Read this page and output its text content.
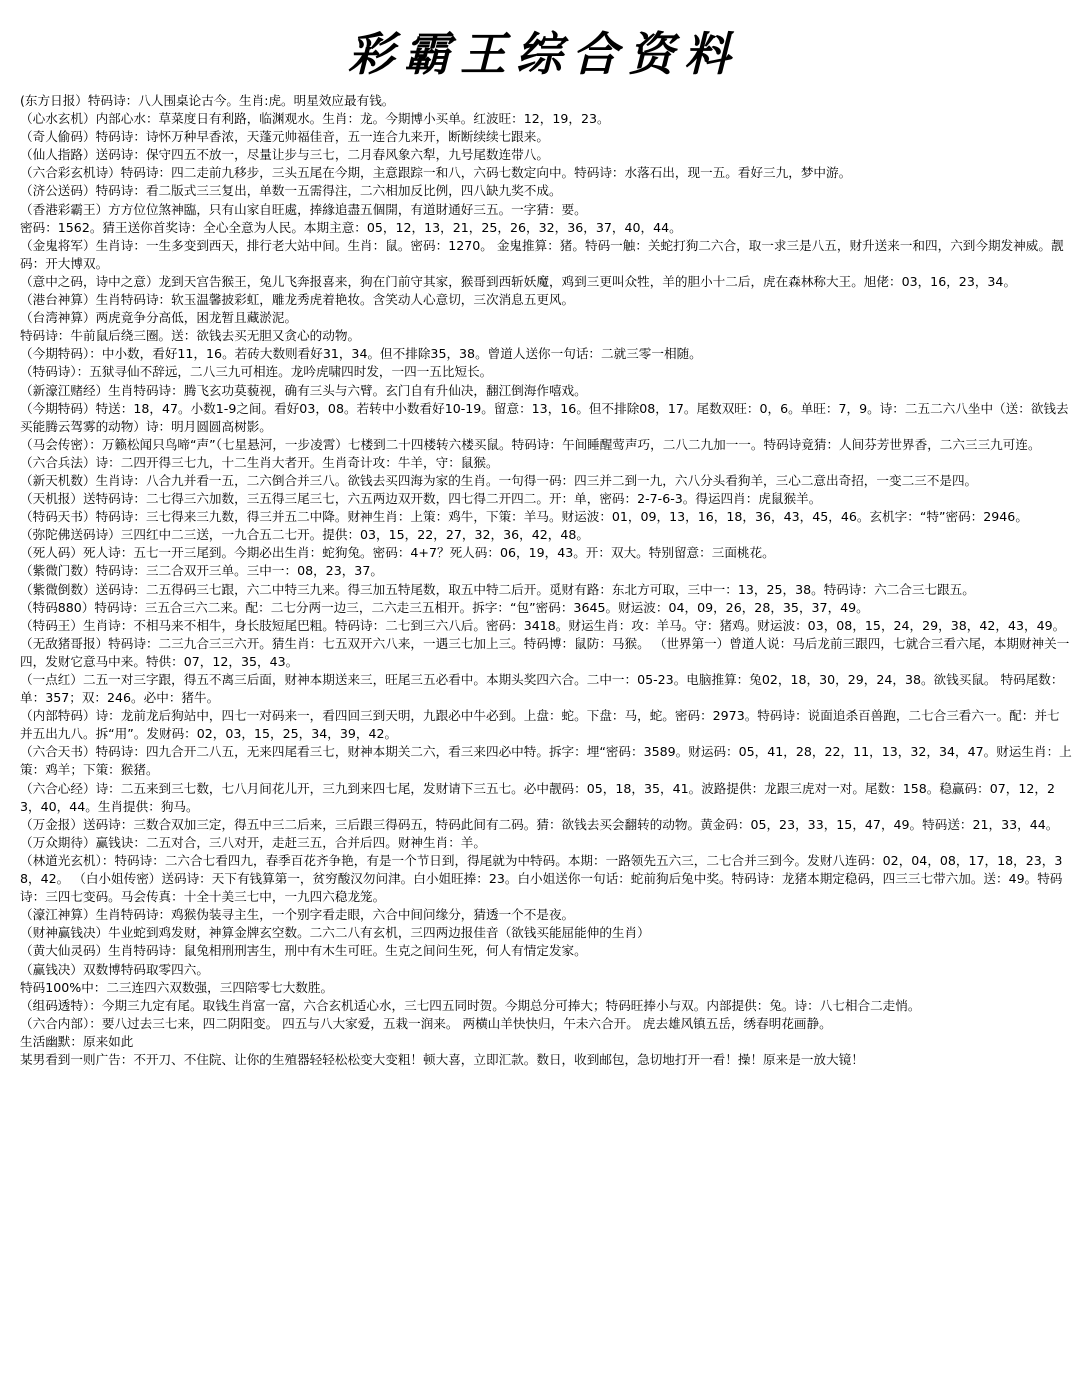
彩霸王综合资料

(东方日报）特码诗：八人围桌论古今。生肖:虎。明星效应最有钱。

（心水玄机）内部心水：草菜度日有利路，临渊观水。生肖：龙。今期博小买单。红波旺：12，19，23。

（奇人偷码）特码诗：诗怀万种早香浓，天蓬元帅福佳音，五一连合九来开，断断续续七跟来。

（仙人指路）送码诗：保守四五不放一，尽量让步与三七，二月春风象六犁，九号尾数连带八。

（六合彩玄机诗）特码诗：四二走前九移步，三头五尾在今期，主意跟踪一和八，六码七数定向中。特码诗：水落石出，现一五。看好三九，梦中游。

（济公送码）特码诗：看二版式三三复出，单数一五需得注，二六相加反比例，四八缺九奖不成。

（香港彩霸王）方方位位煞神臨，只有山家自旺處，捧緣追盡五個開，有道財通好三五。一字猜：要。

密码：1562。猜王送你首奖诗：全心全意为人民。本期主意：05，12，13，21，25，26，32，36，37，40，44。

（金鬼将军）生肖诗：一生多变到西天，排行老大站中间。生肖：鼠。密码：1270。 金鬼推算：猪。特码一触：关蛇打狗二六合，取一求三是八五，财升送来一和四，六到今期发神威。靓码：开大博双。

（意中之码，诗中之意）龙到天宫告猴王，兔儿飞奔报喜来，狗在门前守其家，猴哥到西斩妖魔，鸡到三更叫众牲，羊的胆小十二后，虎在森林称大王。旭佬：03，16，23，34。

（港台神算）生肖特码诗：软玉温馨披彩虹，雕龙秀虎着艳妆。含笑动人心意切，三次消息五更风。

（台湾神算）两虎竟争分高低，困龙暂且藏淤泥。

特码诗：牛前鼠后绕三圈。送：欲钱去买无胆又贪心的动物。

（今期特码）：中小数，看好11，16。若砖大数则看好31，34。但不排除35，38。曾道人送你一句话：二就三零一相随。

（特码诗）：五狱寻仙不辞远，二八三九可相连。龙吟虎啸四时发，一四一五比短长。

（新濠江赌经）生肖特码诗：腾飞玄功莫藐视，确有三头与六臂。玄门自有升仙决，翻江倒海作嘻戏。

（今期特码）特送：18，47。小数1-9之间。看好03，08。若转中小数看好10-19。留意：13，16。但不排除08，17。尾数双旺：0，6。单旺：7，9。诗：二五二六八坐中（送：欲钱去买能腾云驾雾的动物）诗：明月圆圆高树影。

（马会传密）：万籁松闻只鸟啼“声”（七星悬河，一步凌霄）七楼到二十四楼转六楼买鼠。特码诗：午间睡醒莺声巧，二八二九加一一。特码诗竟猜：人间芬芳世界香，二六三三九可连。

（六合兵法）诗：二四开得三七九，十二生肖大者开。生肖奇计攻：牛羊，守：鼠猴。

（新天机数）生肖诗：八合九并看一五，二六倒合并三八。欲钱去买四海为家的生肖。一句得一码：四三并二到一九，六八分头看狗羊，三心二意出奇招，一变二三不是四。

（天机报）送特码诗：二七得三六加数，三五得三尾三七，六五两边双开数，四七得二开四二。开：单，密码：2-7-6-3。得运四肖：虎鼠猴羊。

（特码天书）特码诗：三七得来三九数，得三并五二中降。财神生肖：上策：鸡牛，下策：羊马。财运波：01，09，13，16，18，36，43，45，46。玄机字：“特”密码：2946。

（弥陀佛送码诗）三四红中二三送，一九合五二七开。提供：03，15，22，27，32，36，42，48。

（死人码）死人诗：五七一开三尾到。今期必出生肖：蛇狗兔。密码：4+7？死人码：06，19，43。开：双大。特别留意：三面桃花。

（紫微门数）特码诗：三二合双开三单。三中一：08，23，37。

（紫微倒数）送码诗：二五得码三七跟，六二中特三九来。得三加五特尾数，取五中特二后开。觅财有路：东北方可取，三中一：13，25，38。特码诗：六二合三七跟五。

（特码880）特码诗：三五合三六二来。配：二七分两一边三，二六走三五相开。拆字：“包”密码：3645。财运波：04，09，26，28，35，37，49。

（特码王）生肖诗：不相马来不相牛，身长肢短尾巴粗。特码诗：二七到三六八后。密码：3418。财运生肖：攻：羊马。守：猪鸡。财运波：03，08，15，24，29，38，42，43，49。

（无敌猪哥报）特码诗：二三九合三三六开。猜生肖：七五双开六八来，一遇三七加上三。特码博：鼠防：马猴。 （世界第一）曾道人说：马后龙前三跟四，七就合三看六尾，本期财神关一四，发财它意马中来。特供：07，12，35，43。

（一点红）二五一对三字跟，得五不离三后面，财神本期送来三，旺尾三五必看中。本期头奖四六合。二中一：05-23。电脑推算：兔02，18，30，29，24，38。欲钱买鼠。 特码尾数：单：357；双：246。必中：猪牛。

（内部特码）诗：龙前龙后狗站中，四七一对码来一，看四回三到天明，九跟必中牛必到。上盘：蛇。下盘：马，蛇。密码：2973。特码诗：说面追杀百兽跑，二七合三看六一。配：并七并五出九八。拆“用”。发财码：02，03，15，25，34，39，42。

（六合天书）特码诗：四九合开二八五，无来四尾看三七，财神本期关二六，看三来四必中特。拆字：埋“密码：3589。财运码：05，41，28，22，11，13，32，34，47。财运生肖：上策：鸡羊；下策：猴猪。

（六合心经）诗：二五来到三七数，七八月间花儿开，三九到来四七尾，发财请下三五七。必中靓码：05，18，35，41。波路提供：龙跟三虎对一对。尾数：158。稳赢码：07，12，23，40，44。生肖提供：狗马。

（万金报）送码诗：三数合双加三定，得五中三二后来，三后跟三得码五，特码此间有二码。猜：欲钱去买会翻转的动物。黄金码：05，23，33，15，47，49。特码送：21，33，44。

（万众期待）赢钱诀：二五对合，三八对开，走赶三五，合并后四。财神生肖：羊。

（林道光玄机）：特码诗：二六合七看四九，春季百花齐争艳，有是一个节日到，得尾就为中特码。本期：一路领先五六三，二七合并三到今。发财八连码：02，04，08，17，18，23，38，42。 （白小姐传密）送码诗：天下有钱算第一，贫穷酸汉勿问津。白小姐旺捧：23。白小姐送你一句话：蛇前狗后兔中奖。特码诗：龙猪本期定稳码，四三三七带六加。送：49。特码诗：三四七变码。马会传真：十全十美三七中，一九四六稳龙笼。

（濠江神算）生肖特码诗：鸡猴伪装寻主生，一个别字看走眼，六合中间问缘分，猜透一个不是夜。

（财神赢钱决）牛业蛇到鸡发财，神算金牌玄空数。二六二八有玄机，三四两边报佳音（欲钱买能屈能伸的生肖）

（黄大仙灵码）生肖特码诗：鼠兔相刑刑害生，刑中有木生可旺。生克之间问生死，何人有情定发家。

（赢钱决）双数博特码取零四六。

特码100%中：二三连四六双数强，三四陪零七大数胜。

（组码透特）：今期三九定有尾。取钱生肖富一富，六合玄机适心水，三七四五同时贺。今期总分可捧大；特码旺捧小与双。内部提供：兔。诗：八七相合二走悄。

（六合内部）：要八过去三七来，四二阴阳变。 四五与八大家爱，五栽一润来。 两横山羊快快归，午未六合开。 虎去雄风镇五岳，绣春明花画静。

生活幽默：原来如此

某男看到一则广告：不开刀、不住院、让你的生殖器轻轻松松变大变粗！顿大喜，立即汇款。数日，收到邮包，急切地打开一看！操！原来是一放大镜！
